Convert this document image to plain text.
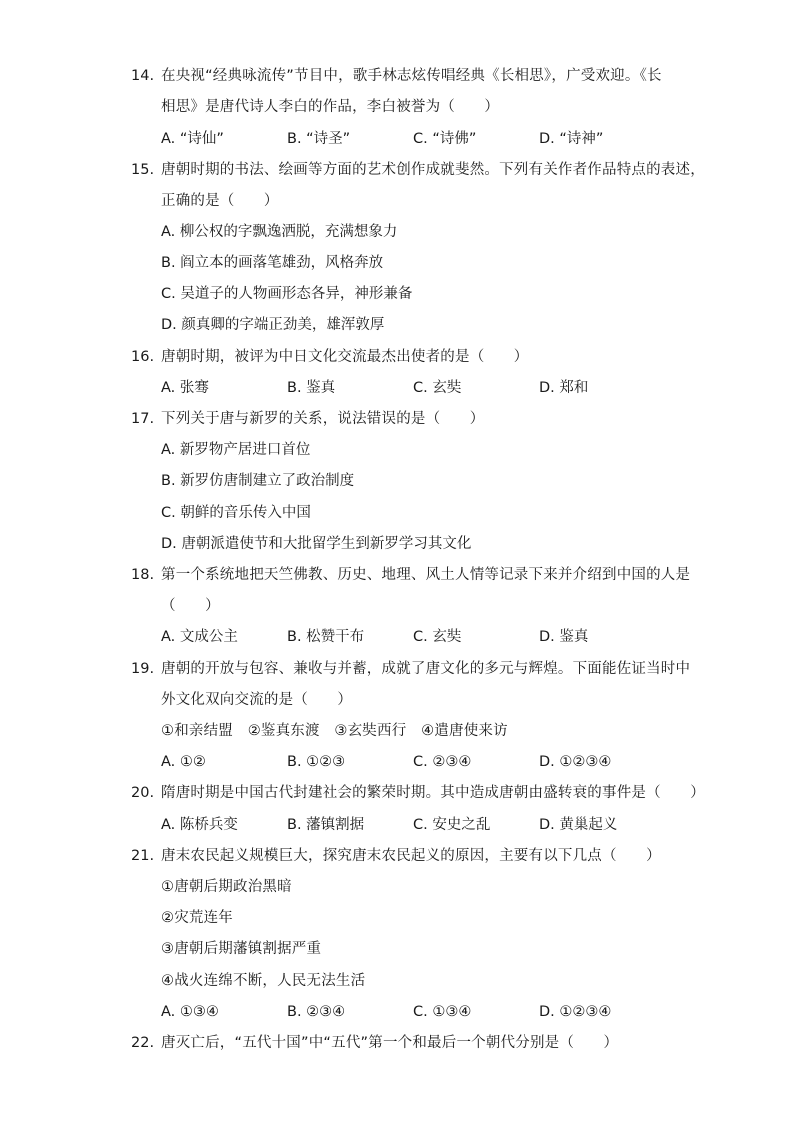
14. 在央视“经典咏流传”节目中，歌手林志炫传唱经典《长相思》，广受欢迎。《长
相思》是唐代诗人李白的作品，李白被誉为（　　）
A. “诗仙”	B. “诗圣”	C. “诗佛”	D. “诗神”
15. 唐朝时期的书法、绘画等方面的艺术创作成就斐然。下列有关作者作品特点的表述，
正确的是（　　）
A. 柳公权的字飘逸洒脱，充满想象力
B. 阎立本的画落笔雄劲，风格奔放
C. 吴道子的人物画形态各异，神形兼备
D. 颜真卿的字端正劲美，雄浑敦厚
16. 唐朝时期，被评为中日文化交流最杰出使者的是（　　）
A. 张骞	B. 鉴真	C. 玄奘	D. 郑和
17. 下列关于唐与新罗的关系，说法错误的是（　　）
A. 新罗物产居进口首位
B. 新罗仿唐制建立了政治制度
C. 朝鲜的音乐传入中国
D. 唐朝派遣使节和大批留学生到新罗学习其文化
18. 第一个系统地把天竺佛教、历史、地理、风土人情等记录下来并介绍到中国的人是
（　　）
A. 文成公主	B. 松赞干布	C. 玄奘	D. 鉴真
19. 唐朝的开放与包容、兼收与并蓄，成就了唐文化的多元与辉煌。下面能佐证当时中
外文化双向交流的是（　　）
①和亲结盟　②鉴真东渡　③玄奘西行　④遣唐使来访
A. ①②	B. ①②③	C. ②③④	D. ①②③④
20. 隋唐时期是中国古代封建社会的繁荣时期。其中造成唐朝由盛转衰的事件是（　　）
A. 陈桥兵变	B. 藩镇割据	C. 安史之乱	D. 黄巢起义
21. 唐末农民起义规模巨大，探究唐末农民起义的原因，主要有以下几点（　　）
①唐朝后期政治黑暗
②灾荒连年
③唐朝后期藩镇割据严重
④战火连绵不断，人民无法生活
A. ①③④	B. ②③④	C. ①③④	D. ①②③④
22. 唐灭亡后，“五代十国”中“五代”第一个和最后一个朝代分别是（　　）
